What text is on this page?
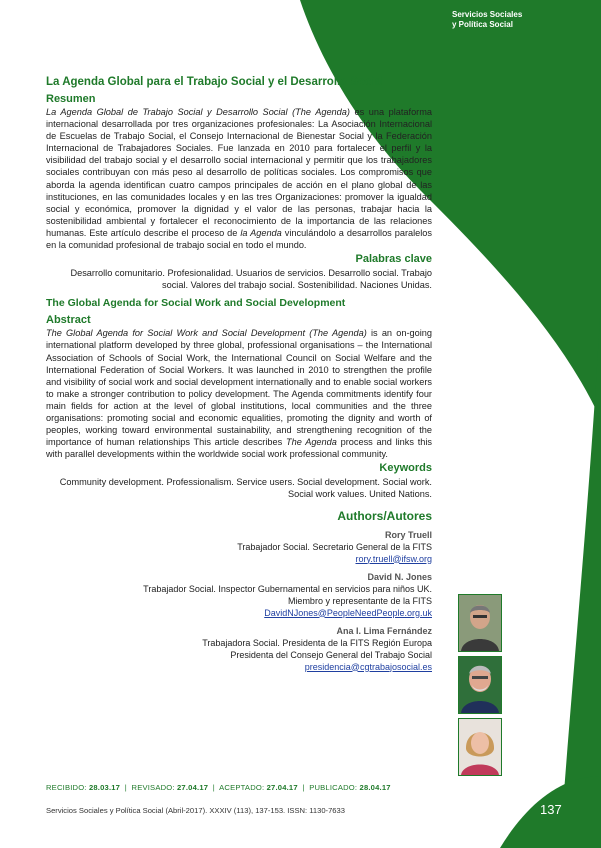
Servicios Sociales
y Política Social
La Agenda Global para el Trabajo Social y el Desarrollo Social
Resumen

La Agenda Global de Trabajo Social y Desarrollo Social (The Agenda) es una plataforma internacional desarrollada por tres organizaciones profesionales: La Asociación Internacional de Escuelas de Trabajo Social, el Consejo Internacional de Bienestar Social y la Federación Internacional de Trabajadores Sociales. Fue lanzada en 2010 para fortalecer el perfil y la visibilidad del trabajo social y el desarrollo social internacional y permitir que los trabajadores sociales contribuyan con más peso al desarrollo de políticas sociales. Los compromisos que aborda la agenda identifican cuatro campos principales de acción en el plano global de las instituciones, en las comunidades locales y en las tres Organizaciones: promover la igualdad social y económica, promover la dignidad y el valor de las personas, trabajar hacia la sostenibilidad ambiental y fortalecer el reconocimiento de la importancia de las relaciones humanas. Este artículo describe el proceso de la Agenda vinculándolo a desarrollos paralelos en la comunidad profesional de trabajo social en todo el mundo.

Palabras clave

Desarrollo comunitario. Profesionalidad. Usuarios de servicios. Desarrollo social. Trabajo social. Valores del trabajo social. Sostenibilidad. Naciones Unidas.

The Global Agenda for Social Work and Social Development
Abstract

The Global Agenda for Social Work and Social Development (The Agenda) is an on-going international platform developed by three global, professional organisations – the International Association of Schools of Social Work, the International Council on Social Welfare and the International Federation of Social Workers. It was launched in 2010 to strengthen the profile and visibility of social work and social development internationally and to enable social workers to make a stronger contribution to policy development. The Agenda commitments identify four main fields for action at the level of global institutions, local communities and the three organisations: promoting social and economic equalities, promoting the dignity and worth of peoples, working toward environmental sustainability, and strengthening recognition of the importance of human relationships This article describes The Agenda process and links this with parallel developments within the worldwide social work professional community.

Keywords

Community development. Professionalism. Service users. Social development. Social work. Social work values. United Nations.

Authors/Autores
Rory Truell
Trabajador Social. Secretario General de la FITS
rory.truell@ifsw.org
David N. Jones
Trabajador Social. Inspector Gubernamental en servicios para niños UK.
Miembro y representante de la FITS
DavidNJones@PeopleNeedPeople.org.uk
Ana I. Lima Fernández
Trabajadora Social. Presidenta de la FITS Región Europa
Presidenta del Consejo General del Trabajo Social
presidencia@cgtrabajosocial.es
RECIBIDO: 28.03.17  |  REVISADO: 27.04.17  |  ACEPTADO: 27.04.17  |  PUBLICADO: 28.04.17
Servicios Sociales y Política Social (Abril-2017). XXXIV (113), 137-153. ISSN: 1130-7633	137
